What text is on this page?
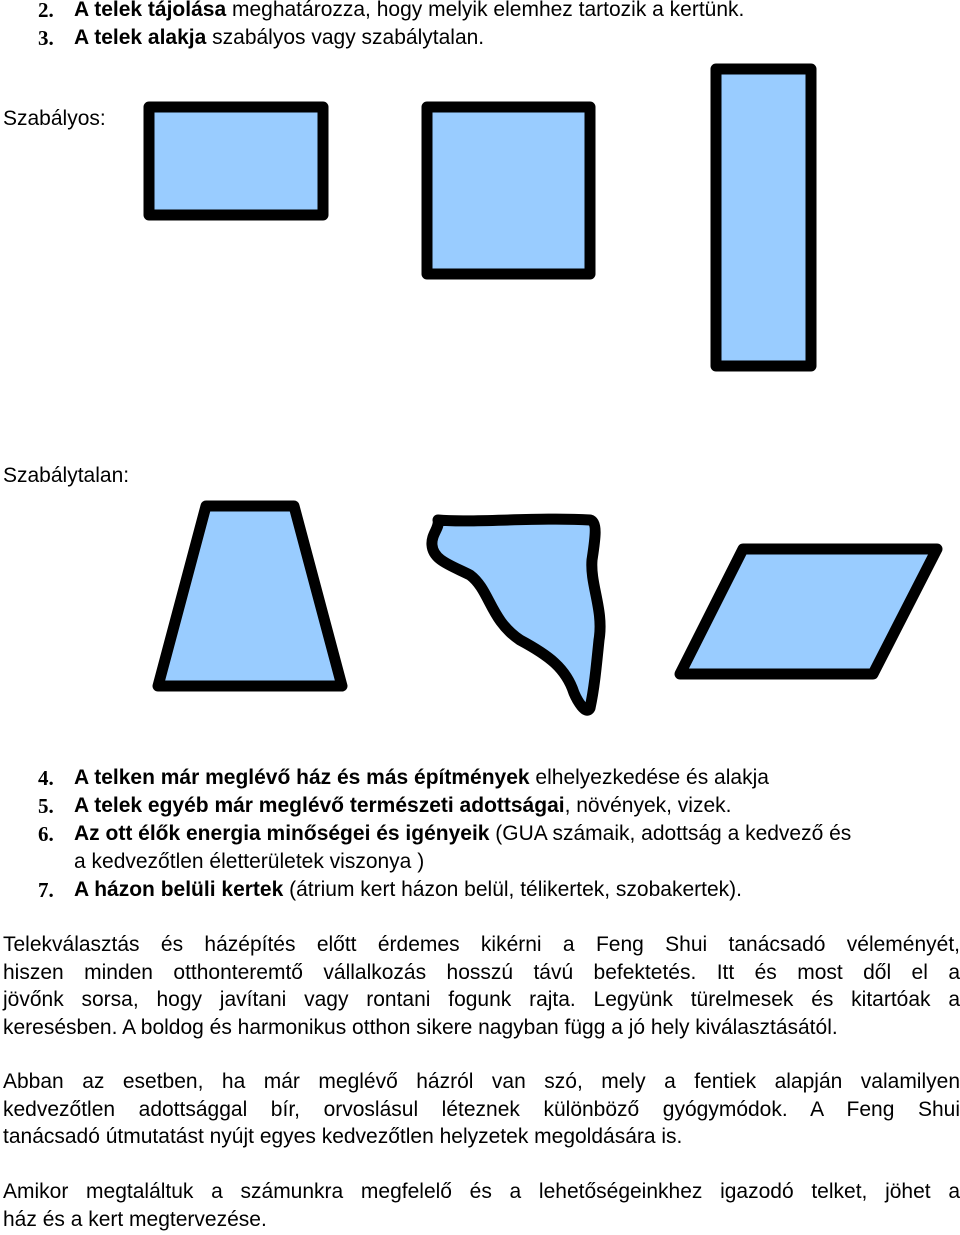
2. A telek tájolása meghatározza, hogy melyik elemhez tartozik a kertünk.
3. A telek alakja szabályos vagy szabálytalan.
Szabályos:
Szabálytalan:
4. A telken már meglévő ház és más építmények elhelyezkedése és alakja
5. A telek egyéb már meglévő természeti adottságai, növények, vizek.
6. Az ott élők energia minőségei és igényeik (GUA számaik, adottság a kedvező és
a kedvezőtlen életterületek viszonya )
7. A házon belüli kertek (átrium kert házon belül, télikertek, szobakertek).
Telekválasztás és házépítés előtt érdemes kikérni a Feng Shui tanácsadó véleményét,
hiszen minden otthonteremtő vállalkozás hosszú távú befektetés. Itt és most dől el a
jövőnk sorsa, hogy javítani vagy rontani fogunk rajta. Legyünk türelmesek és kitartóak a
keresésben. A boldog és harmonikus otthon sikere nagyban függ a jó hely kiválasztásától.
Abban az esetben, ha már meglévő házról van szó, mely a fentiek alapján valamilyen
kedvezőtlen adottsággal bír, orvoslásul léteznek különböző gyógymódok. A Feng Shui
tanácsadó útmutatást nyújt egyes kedvezőtlen helyzetek megoldására is.
Amikor megtaláltuk a számunkra megfelelő és a lehetőségeinkhez igazodó telket, jöhet a
ház és a kert megtervezése.
